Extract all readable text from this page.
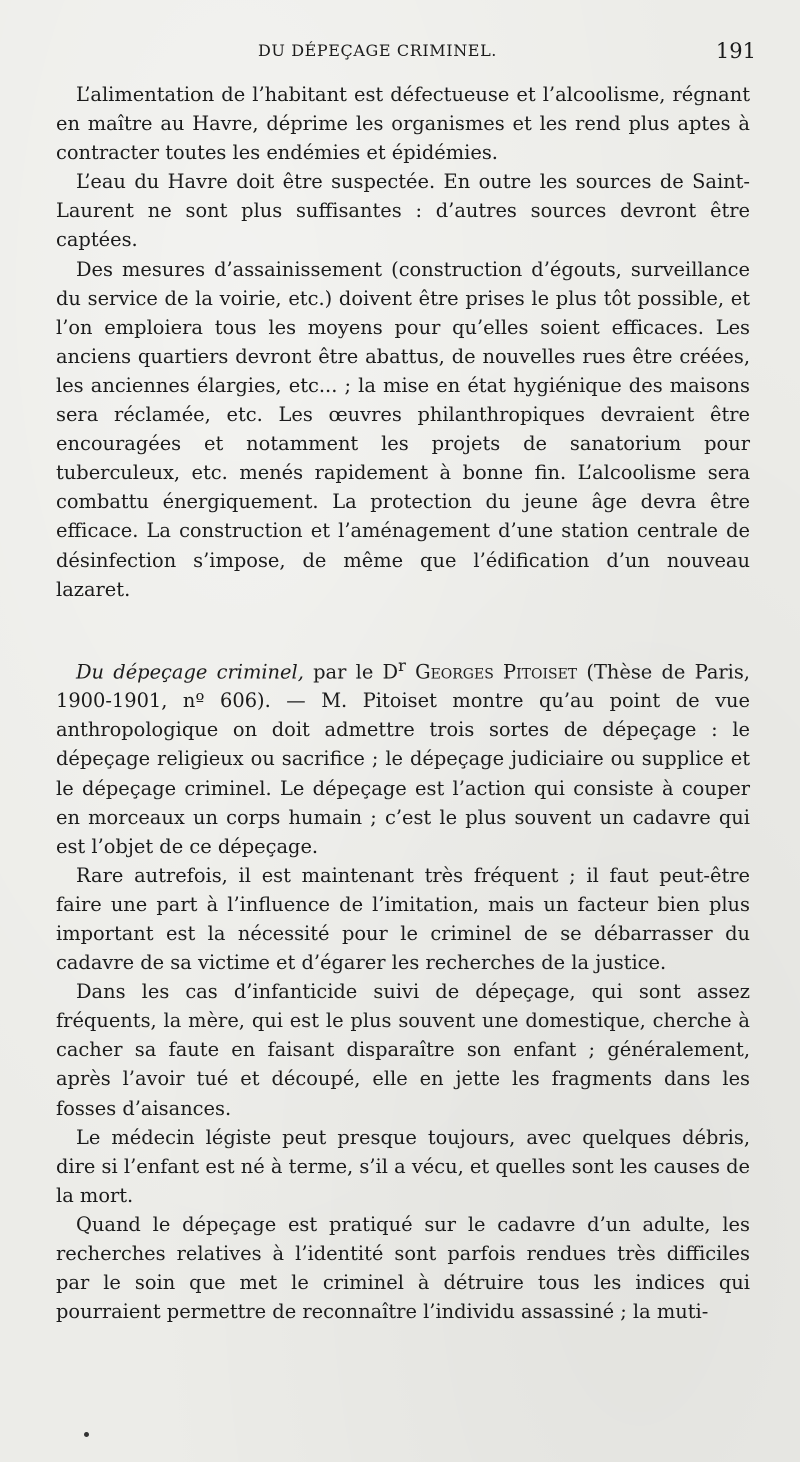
DU DÉPEÇAGE CRIMINEL.	191

L’alimentation de l’habitant est défectueuse et l’alcoolisme, régnant en maître au Havre, déprime les organismes et les rend plus aptes à contracter toutes les endémies et épidémies.

L’eau du Havre doit être suspectée. En outre les sources de Saint-Laurent ne sont plus suffisantes : d’autres sources devront être captées.

Des mesures d’assainissement (construction d’égouts, surveillance du service de la voirie, etc.) doivent être prises le plus tôt possible, et l’on emploiera tous les moyens pour qu’elles soient efficaces. Les anciens quartiers devront être abattus, de nouvelles rues être créées, les anciennes élargies, etc... ; la mise en état hygiénique des maisons sera réclamée, etc. Les œuvres philanthropiques devraient être encouragées et notamment les projets de sanatorium pour tuberculeux, etc. menés rapidement à bonne fin. L’alcoolisme sera combattu énergiquement. La protection du jeune âge devra être efficace. La construction et l’aménagement d’une station centrale de désinfection s’impose, de même que l’édification d’un nouveau lazaret.

Du dépeçage criminel, par le $D^r$ Georges Pitoiset (Thèse de Paris, 1900-1901, nº 606). — M. Pitoiset montre qu’au point de vue anthropologique on doit admettre trois sortes de dépeçage : le dépeçage religieux ou sacrifice ; le dépeçage judiciaire ou supplice et le dépeçage criminel. Le dépeçage est l’action qui consiste à couper en morceaux un corps humain ; c’est le plus souvent un cadavre qui est l’objet de ce dépeçage.

Rare autrefois, il est maintenant très fréquent ; il faut peut-être faire une part à l’influence de l’imitation, mais un facteur bien plus important est la nécessité pour le criminel de se débarrasser du cadavre de sa victime et d’égarer les recherches de la justice.

Dans les cas d’infanticide suivi de dépeçage, qui sont assez fréquents, la mère, qui est le plus souvent une domestique, cherche à cacher sa faute en faisant disparaître son enfant ; généralement, après l’avoir tué et découpé, elle en jette les fragments dans les fosses d’aisances.

Le médecin légiste peut presque toujours, avec quelques débris, dire si l’enfant est né à terme, s’il a vécu, et quelles sont les causes de la mort.

Quand le dépeçage est pratiqué sur le cadavre d’un adulte, les recherches relatives à l’identité sont parfois rendues très difficiles par le soin que met le criminel à détruire tous les indices qui pourraient permettre de reconnaître l’individu assassiné ; la muti-
